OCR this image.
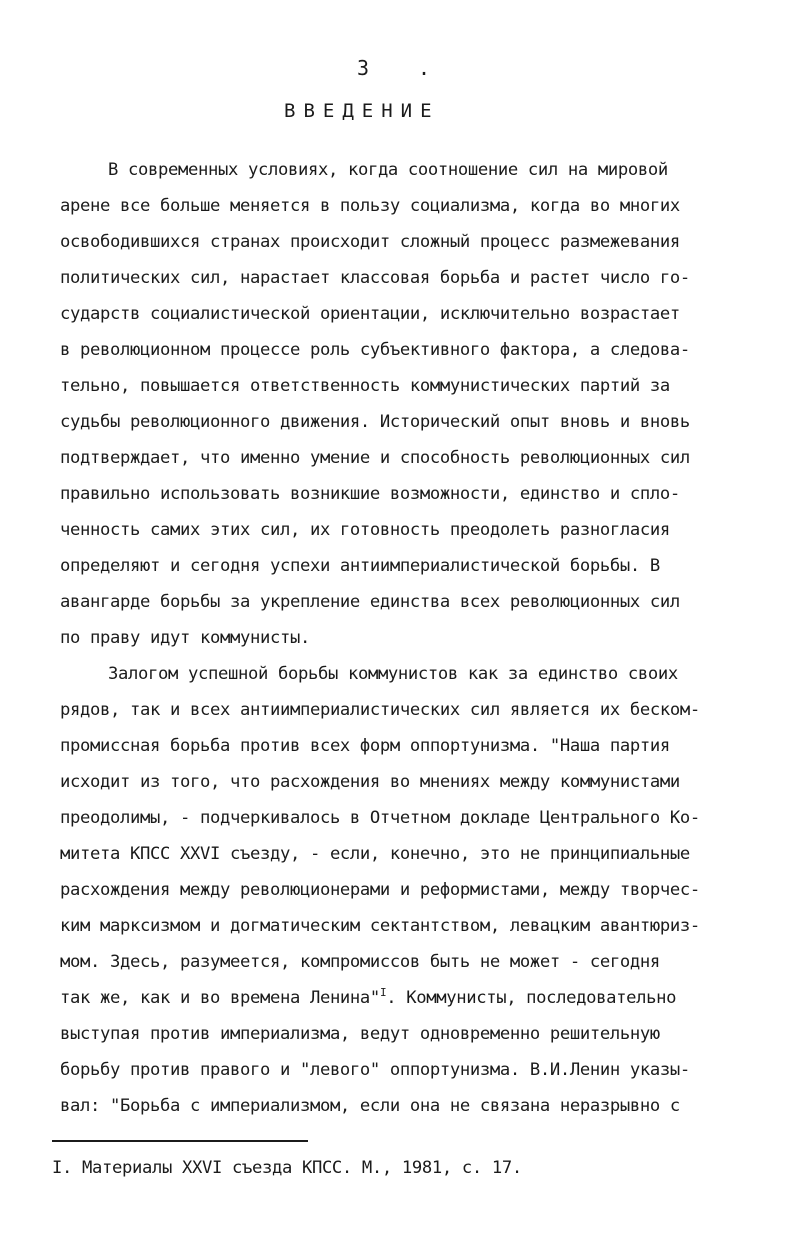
3 .
ВВЕДЕНИЕ
В современных условиях, когда соотношение сил на мировой
арене все больше меняется в пользу социализма, когда во многих
освободившихся странах происходит сложный процесс размежевания
политических сил, нарастает классовая борьба и растет число го-
сударств социалистической ориентации, исключительно возрастает
в революционном процессе роль субъективного фактора, а следова-
тельно, повышается ответственность коммунистических партий за
судьбы революционного движения. Исторический опыт вновь и вновь
подтверждает, что именно умение и способность революционных сил
правильно использовать возникшие возможности, единство и спло-
ченность самих этих сил, их готовность преодолеть разногласия
определяют и сегодня успехи антиимпериалистической борьбы. В
авангарде борьбы за укрепление единства всех революционных сил
по праву идут коммунисты.
Залогом успешной борьбы коммунистов как за единство своих
рядов, так и всех антиимпериалистических сил является их беском-
промиссная борьба против всех форм оппортунизма. "Наша партия
исходит из того, что расхождения во мнениях между коммунистами
преодолимы, - подчеркивалось в Отчетном докладе Центрального Ко-
митета КПСС XXVI съезду, - если, конечно, это не принципиальные
расхождения между революционерами и реформистами, между творчес-
ким марксизмом и догматическим сектантством, левацким авантюриз-
мом. Здесь, разумеется, компромиссов быть не может - сегодня
так же, как и во времена Ленина"$^I$. Коммунисты, последовательно
выступая против империализма, ведут одновременно решительную
борьбу против правого и "левого" оппортунизма. В.И.Ленин указы-
вал: "Борьба с империализмом, если она не связана неразрывно с
I. Материалы XXVI съезда КПСС. М., 1981, с. 17.
